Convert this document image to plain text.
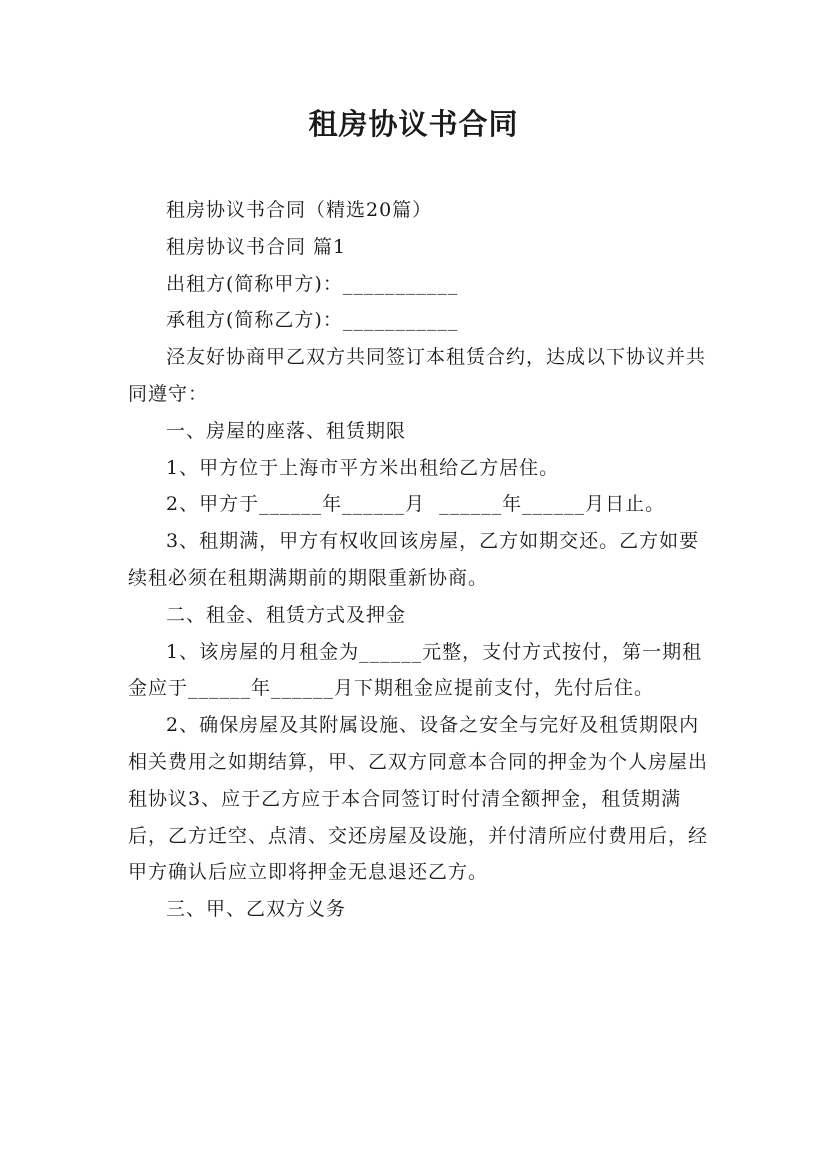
租房协议书合同

租房协议书合同（精选20篇）

租房协议书合同 篇1

出租方(简称甲方)：___________

承租方(简称乙方)：___________

泾友好协商甲乙双方共同签订本租赁合约，达成以下协议并共同遵守：

一、房屋的座落、租赁期限

1、甲方位于上海市平方米出租给乙方居住。

2、甲方于______年______月  ______年______月日止。

3、租期满，甲方有权收回该房屋，乙方如期交还。乙方如要续租必须在租期满期前的期限重新协商。

二、租金、租赁方式及押金

1、该房屋的月租金为______元整，支付方式按付，第一期租金应于______年______月下期租金应提前支付，先付后住。

2、确保房屋及其附属设施、设备之安全与完好及租赁期限内相关费用之如期结算，甲、乙双方同意本合同的押金为个人房屋出租协议3、应于乙方应于本合同签订时付清全额押金，租赁期满后，乙方迁空、点清、交还房屋及设施，并付清所应付费用后，经甲方确认后应立即将押金无息退还乙方。

三、甲、乙双方义务
